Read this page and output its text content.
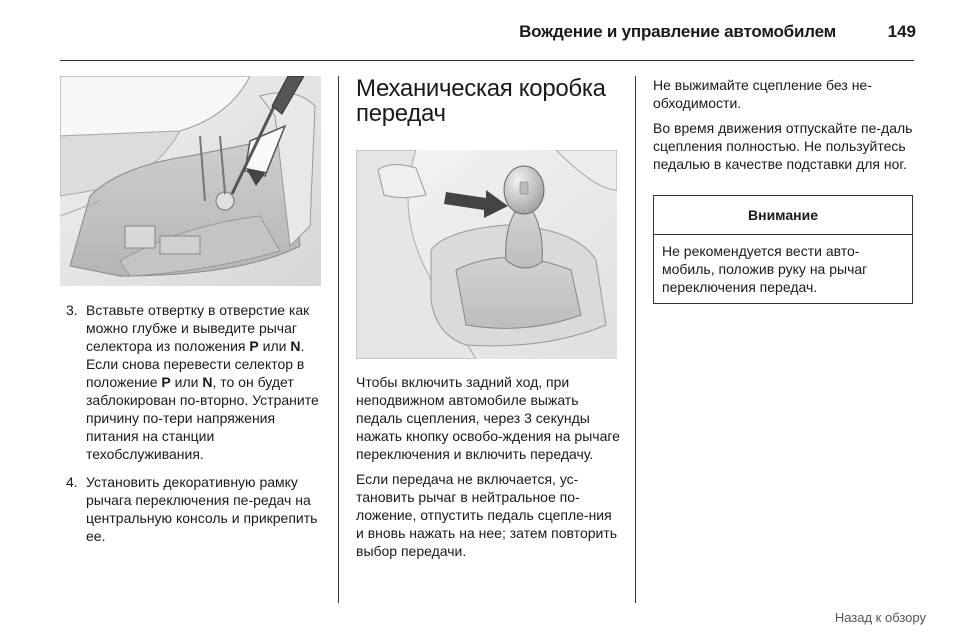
Вождение и управление автомобилем	149
3. Вставьте отвертку в отверстие как можно глубже и выведите рычаг селектора из положения P или N. Если снова перевести селектор в положение P или N, то он будет заблокирован по-вторно. Устраните причину по-тери напряжения питания на станции техобслуживания.
4. Установить декоративную рамку рычага переключения пе-редач на центральную консоль и прикрепить ее.
Механическая коробка передач

Чтобы включить задний ход, при неподвижном автомобиле выжать педаль сцепления, через 3 секунды нажать кнопку освобо-ждения на рычаге переключения и включить передачу.

Если передача не включается, ус-тановить рычаг в нейтральное по-ложение, отпустить педаль сцепле-ния и вновь нажать на нее; затем повторить выбор передачи.

Не выжимайте сцепление без не-обходимости.

Во время движения отпускайте пе-даль сцепления полностью. Не пользуйтесь педалью в качестве подставки для ног.

Внимание
Не рекомендуется вести авто-мобиль, положив руку на рычаг переключения передач.
Назад к обзору
